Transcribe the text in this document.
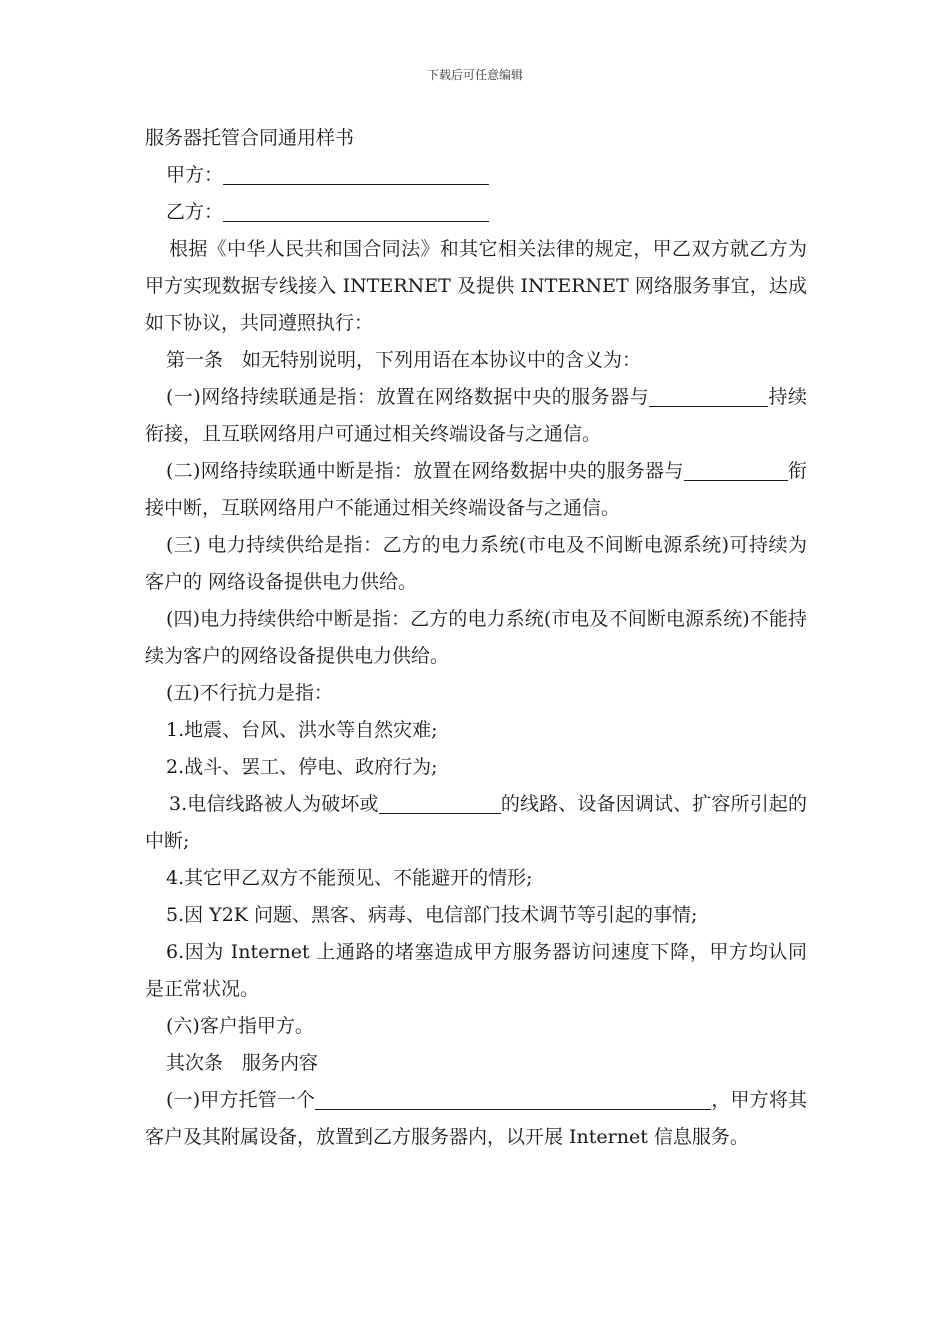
下载后可任意编辑

服务器托管合同通用样书

甲方：

乙方：

根据《中华人民共和国合同法》和其它相关法律的规定，甲乙双方就乙方为甲方实现数据专线接入 INTERNET 及提供 INTERNET 网络服务事宜，达成如下协议，共同遵照执行：

第一条　如无特别说明，下列用语在本协议中的含义为：

(一)网络持续联通是指：放置在网络数据中央的服务器与	持续衔接，且互联网络用户可通过相关终端设备与之通信。

(二)网络持续联通中断是指：放置在网络数据中央的服务器与	衔接中断，互联网络用户不能通过相关终端设备与之通信。

(三) 电力持续供给是指：乙方的电力系统(市电及不间断电源系统)可持续为客户的 网络设备提供电力供给。

(四)电力持续供给中断是指：乙方的电力系统(市电及不间断电源系统)不能持续为客户的网络设备提供电力供给。

(五)不行抗力是指：

1.地震、台风、洪水等自然灾难;

2.战斗、罢工、停电、政府行为;

3.电信线路被人为破坏或	的线路、设备因调试、扩容所引起的中断;

4.其它甲乙双方不能预见、不能避开的情形;

5.因 Y2K 问题、黑客、病毒、电信部门技术调节等引起的事情;

6.因为 Internet 上通路的堵塞造成甲方服务器访问速度下降，甲方均认同是正常状况。

(六)客户指甲方。

其次条　服务内容

(一)甲方托管一个	，甲方将其客户及其附属设备，放置到乙方服务器内，以开展 Internet 信息服务。
